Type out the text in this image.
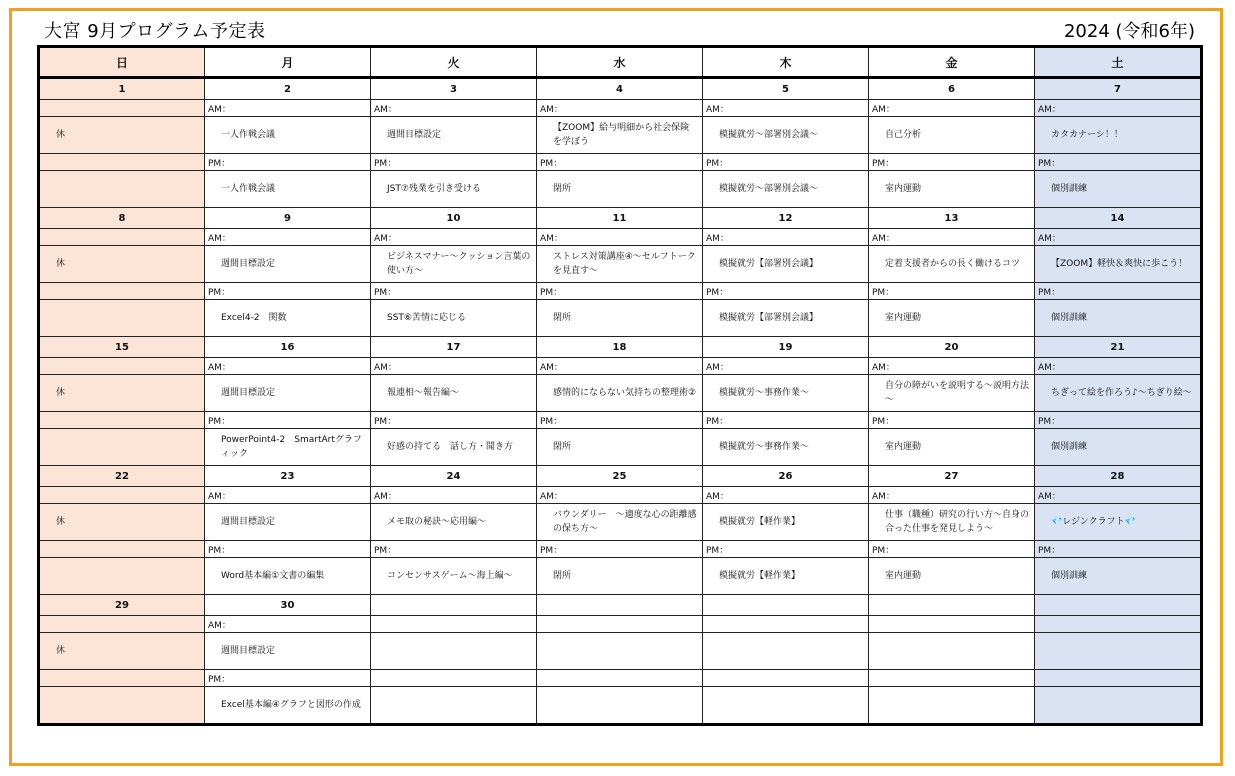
大宮 9月プログラム予定表	2024 (令和6年)
日	月	火	水	木	金	土
1	2	3	4	5	6	7
	AM：	AM：	AM：	AM：	AM：	AM：
休	一人作戦会議	週間目標設定	【ZOOM】給与明細から社会保険を学ぼう	模擬就労～部署別会議～	自己分析	カタカナーシ！！
	PM：	PM：	PM：	PM：	PM：	PM：
	一人作戦会議	JST⑦残業を引き受ける	閉所	模擬就労～部署別会議～	室内運動	個別訓練
8	9	10	11	12	13	14
	AM：	AM：	AM：	AM：	AM：	AM：
休	週間目標設定	ビジネスマナー～クッション言葉の使い方～	ストレス対策講座④～セルフトークを見直す～	模擬就労【部署別会議】	定着支援者からの長く働けるコツ	【ZOOM】軽快＆爽快に歩こう！
	PM：	PM：	PM：	PM：	PM：	PM：
	Excel4-2　関数	SST⑥苦情に応じる	閉所	模擬就労【部署別会議】	室内運動	個別訓練
15	16	17	18	19	20	21
	AM：	AM：	AM：	AM：	AM：	AM：
休	週間目標設定	報連相～報告編～	感情的にならない気持ちの整理術②	模擬就労～事務作業～	自分の障がいを説明する～説明方法～	ちぎって絵を作ろう♪～ちぎり絵～
	PM：	PM：	PM：	PM：	PM：	PM：
	PowerPoint4-2　SmartArtグラフィック	好感の持てる　話し方・聞き方	閉所	模擬就労～事務作業～	室内運動	個別訓練
22	23	24	25	26	27	28
	AM：	AM：	AM：	AM：	AM：	AM：
休	週間目標設定	メモ取の秘訣～応用編～	バウンダリー　～適度な心の距離感の保ち方～	模擬就労【軽作業】	仕事（職種）研究の行い方～自身の合った仕事を発見しよう～	💎レジンクラフト💎
	PM：	PM：	PM：	PM：	PM：	PM：
	Word基本編①文書の編集	コンセンサスゲーム～海上編～	閉所	模擬就労【軽作業】	室内運動	個別訓練
29	30					
	AM：					
休	週間目標設定					
	PM：					
	Excel基本編④グラフと図形の作成					
